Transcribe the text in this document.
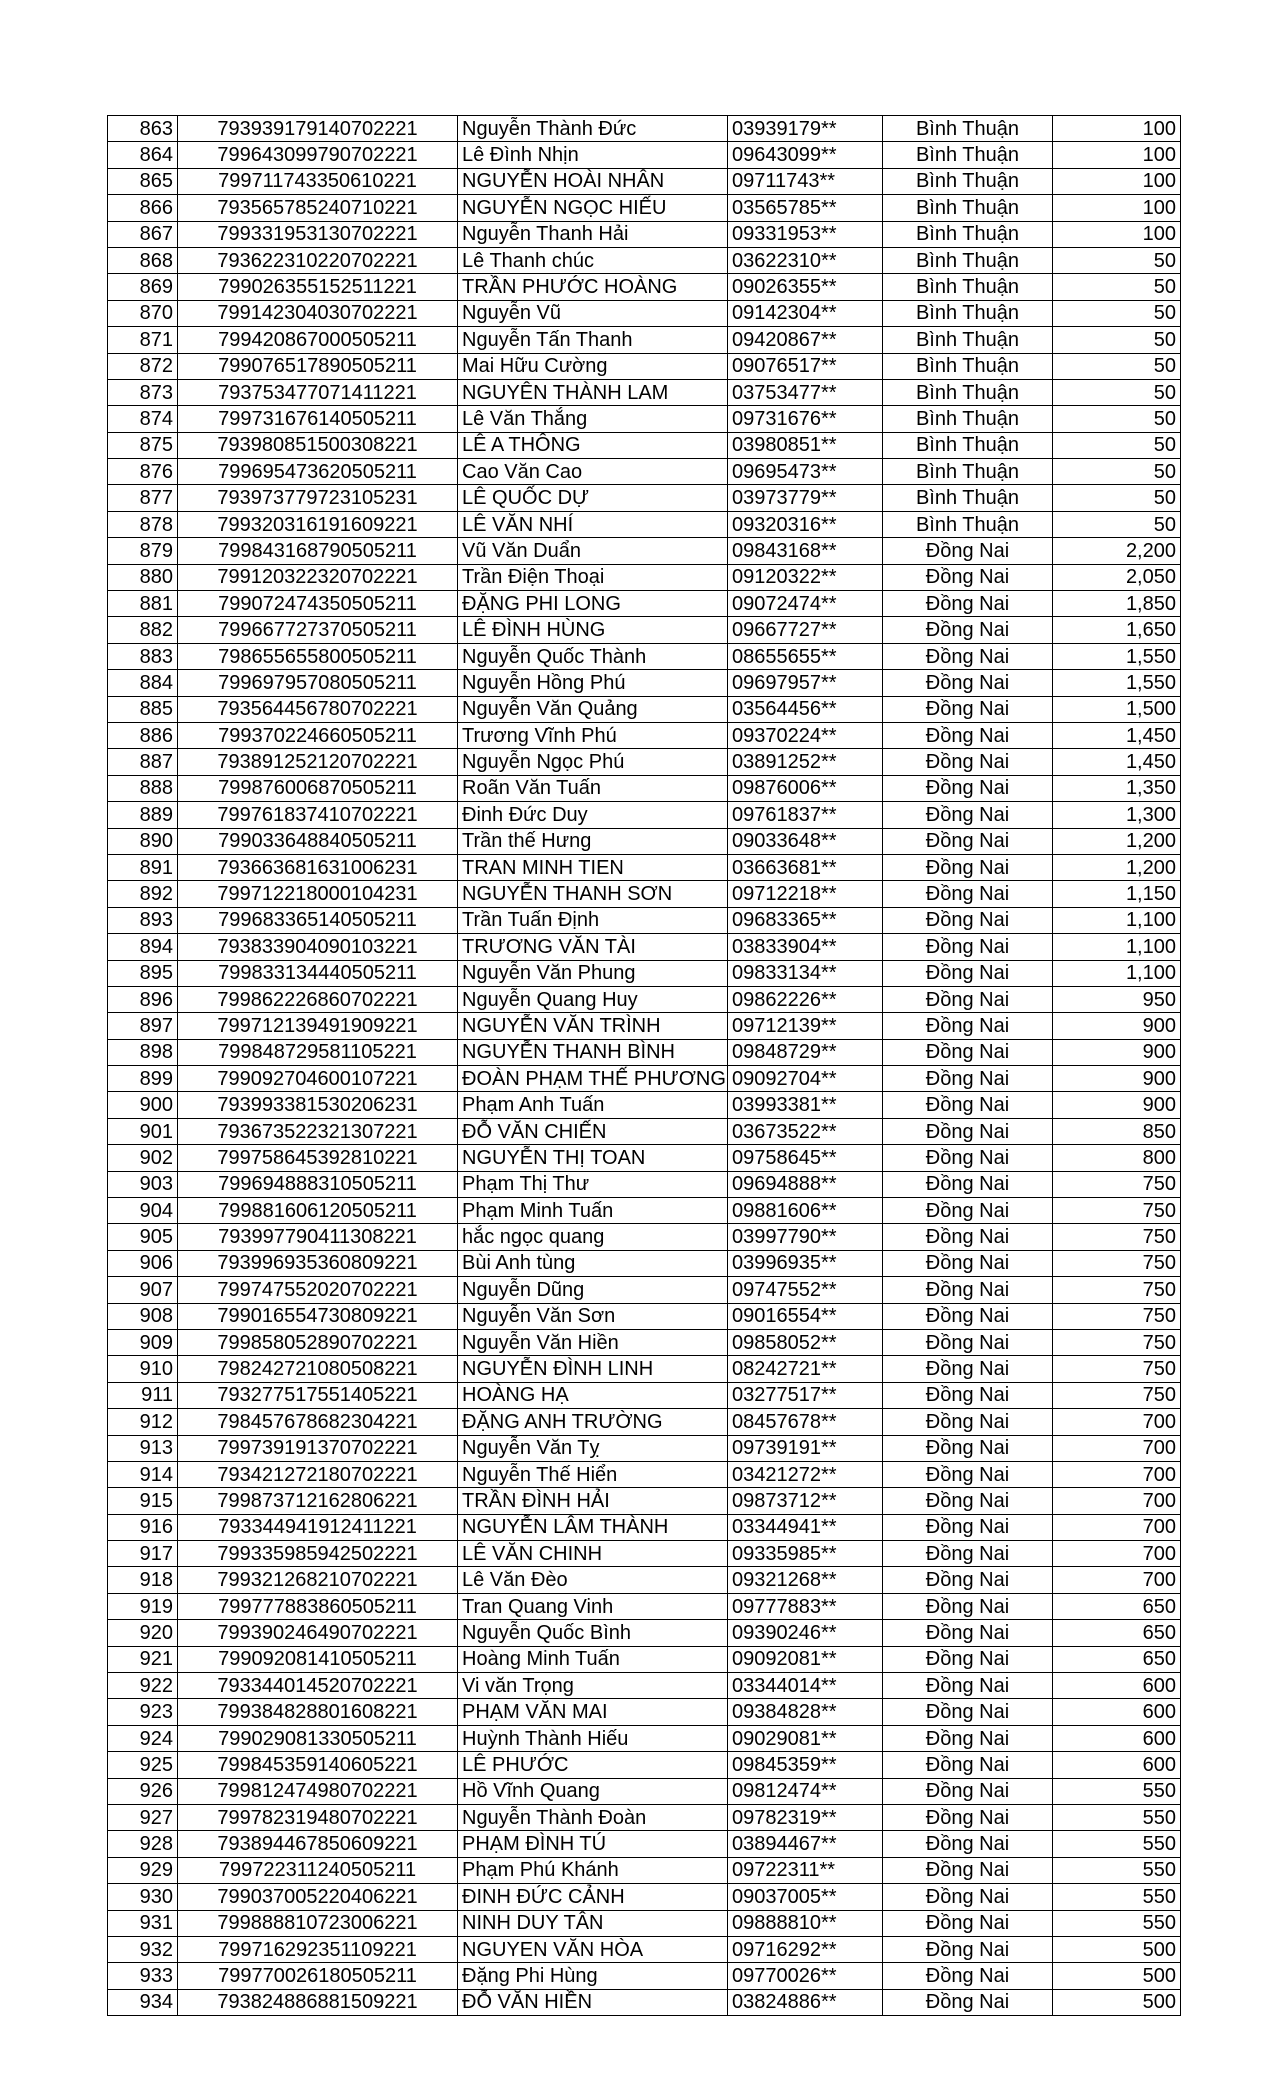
863	793939179140702221	Nguyễn Thành Đức	03939179**	Bình Thuận	100
864	799643099790702221	Lê Đình Nhịn	09643099**	Bình Thuận	100
865	799711743350610221	NGUYỄN HOÀI NHÂN	09711743**	Bình Thuận	100
866	793565785240710221	NGUYỄN NGỌC HIẾU	03565785**	Bình Thuận	100
867	799331953130702221	Nguyễn Thanh Hải	09331953**	Bình Thuận	100
868	793622310220702221	Lê Thanh chúc	03622310**	Bình Thuận	50
869	799026355152511221	TRẦN PHƯỚC HOÀNG	09026355**	Bình Thuận	50
870	799142304030702221	Nguyễn Vũ	09142304**	Bình Thuận	50
871	799420867000505211	Nguyễn Tấn Thanh	09420867**	Bình Thuận	50
872	799076517890505211	Mai Hữu Cường	09076517**	Bình Thuận	50
873	793753477071411221	NGUYÊN THÀNH LAM	03753477**	Bình Thuận	50
874	799731676140505211	Lê Văn Thắng	09731676**	Bình Thuận	50
875	793980851500308221	LÊ A THÔNG	03980851**	Bình Thuận	50
876	799695473620505211	Cao Văn Cao	09695473**	Bình Thuận	50
877	793973779723105231	LÊ QUỐC DỰ	03973779**	Bình Thuận	50
878	799320316191609221	LÊ VĂN NHÍ	09320316**	Bình Thuận	50
879	799843168790505211	Vũ Văn Duẩn	09843168**	Đồng Nai	2,200
880	799120322320702221	Trần Điện Thoại	09120322**	Đồng Nai	2,050
881	799072474350505211	ĐẶNG PHI LONG	09072474**	Đồng Nai	1,850
882	799667727370505211	LÊ ĐÌNH HÙNG	09667727**	Đồng Nai	1,650
883	798655655800505211	Nguyễn Quốc Thành	08655655**	Đồng Nai	1,550
884	799697957080505211	Nguyễn Hồng Phú	09697957**	Đồng Nai	1,550
885	793564456780702221	Nguyễn Văn Quảng	03564456**	Đồng Nai	1,500
886	799370224660505211	Trương Vĩnh Phú	09370224**	Đồng Nai	1,450
887	793891252120702221	Nguyễn Ngọc Phú	03891252**	Đồng Nai	1,450
888	799876006870505211	Roãn Văn Tuấn	09876006**	Đồng Nai	1,350
889	799761837410702221	Đinh Đức Duy	09761837**	Đồng Nai	1,300
890	799033648840505211	Trần thế Hưng	09033648**	Đồng Nai	1,200
891	793663681631006231	TRAN MINH TIEN	03663681**	Đồng Nai	1,200
892	799712218000104231	NGUYỄN THANH SƠN	09712218**	Đồng Nai	1,150
893	799683365140505211	Trần Tuấn Định	09683365**	Đồng Nai	1,100
894	793833904090103221	TRƯƠNG VĂN TÀI	03833904**	Đồng Nai	1,100
895	799833134440505211	Nguyễn Văn Phung	09833134**	Đồng Nai	1,100
896	799862226860702221	Nguyễn Quang Huy	09862226**	Đồng Nai	950
897	799712139491909221	NGUYỄN VĂN TRÌNH	09712139**	Đồng Nai	900
898	799848729581105221	NGUYỄN THANH BÌNH	09848729**	Đồng Nai	900
899	799092704600107221	ĐOÀN PHẠM THẾ PHƯƠNG	09092704**	Đồng Nai	900
900	793993381530206231	Phạm Anh Tuấn	03993381**	Đồng Nai	900
901	793673522321307221	ĐỖ VĂN CHIẾN	03673522**	Đồng Nai	850
902	799758645392810221	NGUYỄN THỊ TOAN	09758645**	Đồng Nai	800
903	799694888310505211	Phạm Thị Thư	09694888**	Đồng Nai	750
904	799881606120505211	Phạm Minh Tuấn	09881606**	Đồng Nai	750
905	793997790411308221	hắc ngọc quang	03997790**	Đồng Nai	750
906	793996935360809221	Bùi Anh tùng	03996935**	Đồng Nai	750
907	799747552020702221	Nguyễn Dũng	09747552**	Đồng Nai	750
908	799016554730809221	Nguyễn Văn Sơn	09016554**	Đồng Nai	750
909	799858052890702221	Nguyễn Văn Hiền	09858052**	Đồng Nai	750
910	798242721080508221	NGUYỄN ĐÌNH LINH	08242721**	Đồng Nai	750
911	793277517551405221	HOÀNG HẠ	03277517**	Đồng Nai	750
912	798457678682304221	ĐẶNG ANH TRƯỜNG	08457678**	Đồng Nai	700
913	799739191370702221	Nguyễn Văn Tỵ	09739191**	Đồng Nai	700
914	793421272180702221	Nguyễn Thế Hiển	03421272**	Đồng Nai	700
915	799873712162806221	TRẦN ĐÌNH HẢI	09873712**	Đồng Nai	700
916	793344941912411221	NGUYỄN LÂM THÀNH	03344941**	Đồng Nai	700
917	799335985942502221	LÊ VĂN CHINH	09335985**	Đồng Nai	700
918	799321268210702221	Lê Văn Đèo	09321268**	Đồng Nai	700
919	799777883860505211	Tran Quang Vinh	09777883**	Đồng Nai	650
920	799390246490702221	Nguyễn Quốc Bình	09390246**	Đồng Nai	650
921	799092081410505211	Hoàng Minh Tuấn	09092081**	Đồng Nai	650
922	793344014520702221	Vi văn Trọng	03344014**	Đồng Nai	600
923	799384828801608221	PHẠM VĂN MAI	09384828**	Đồng Nai	600
924	799029081330505211	Huỳnh Thành Hiếu	09029081**	Đồng Nai	600
925	799845359140605221	LÊ PHƯỚC	09845359**	Đồng Nai	600
926	799812474980702221	Hồ Vĩnh Quang	09812474**	Đồng Nai	550
927	799782319480702221	Nguyễn Thành Đoàn	09782319**	Đồng Nai	550
928	793894467850609221	PHẠM ĐÌNH TÚ	03894467**	Đồng Nai	550
929	799722311240505211	Phạm Phú Khánh	09722311**	Đồng Nai	550
930	799037005220406221	ĐINH ĐỨC CẢNH	09037005**	Đồng Nai	550
931	799888810723006221	NINH DUY TÂN	09888810**	Đồng Nai	550
932	799716292351109221	NGUYEN VĂN HÒA	09716292**	Đồng Nai	500
933	799770026180505211	Đặng Phi Hùng	09770026**	Đồng Nai	500
934	793824886881509221	ĐỖ VĂN HIỀN	03824886**	Đồng Nai	500
